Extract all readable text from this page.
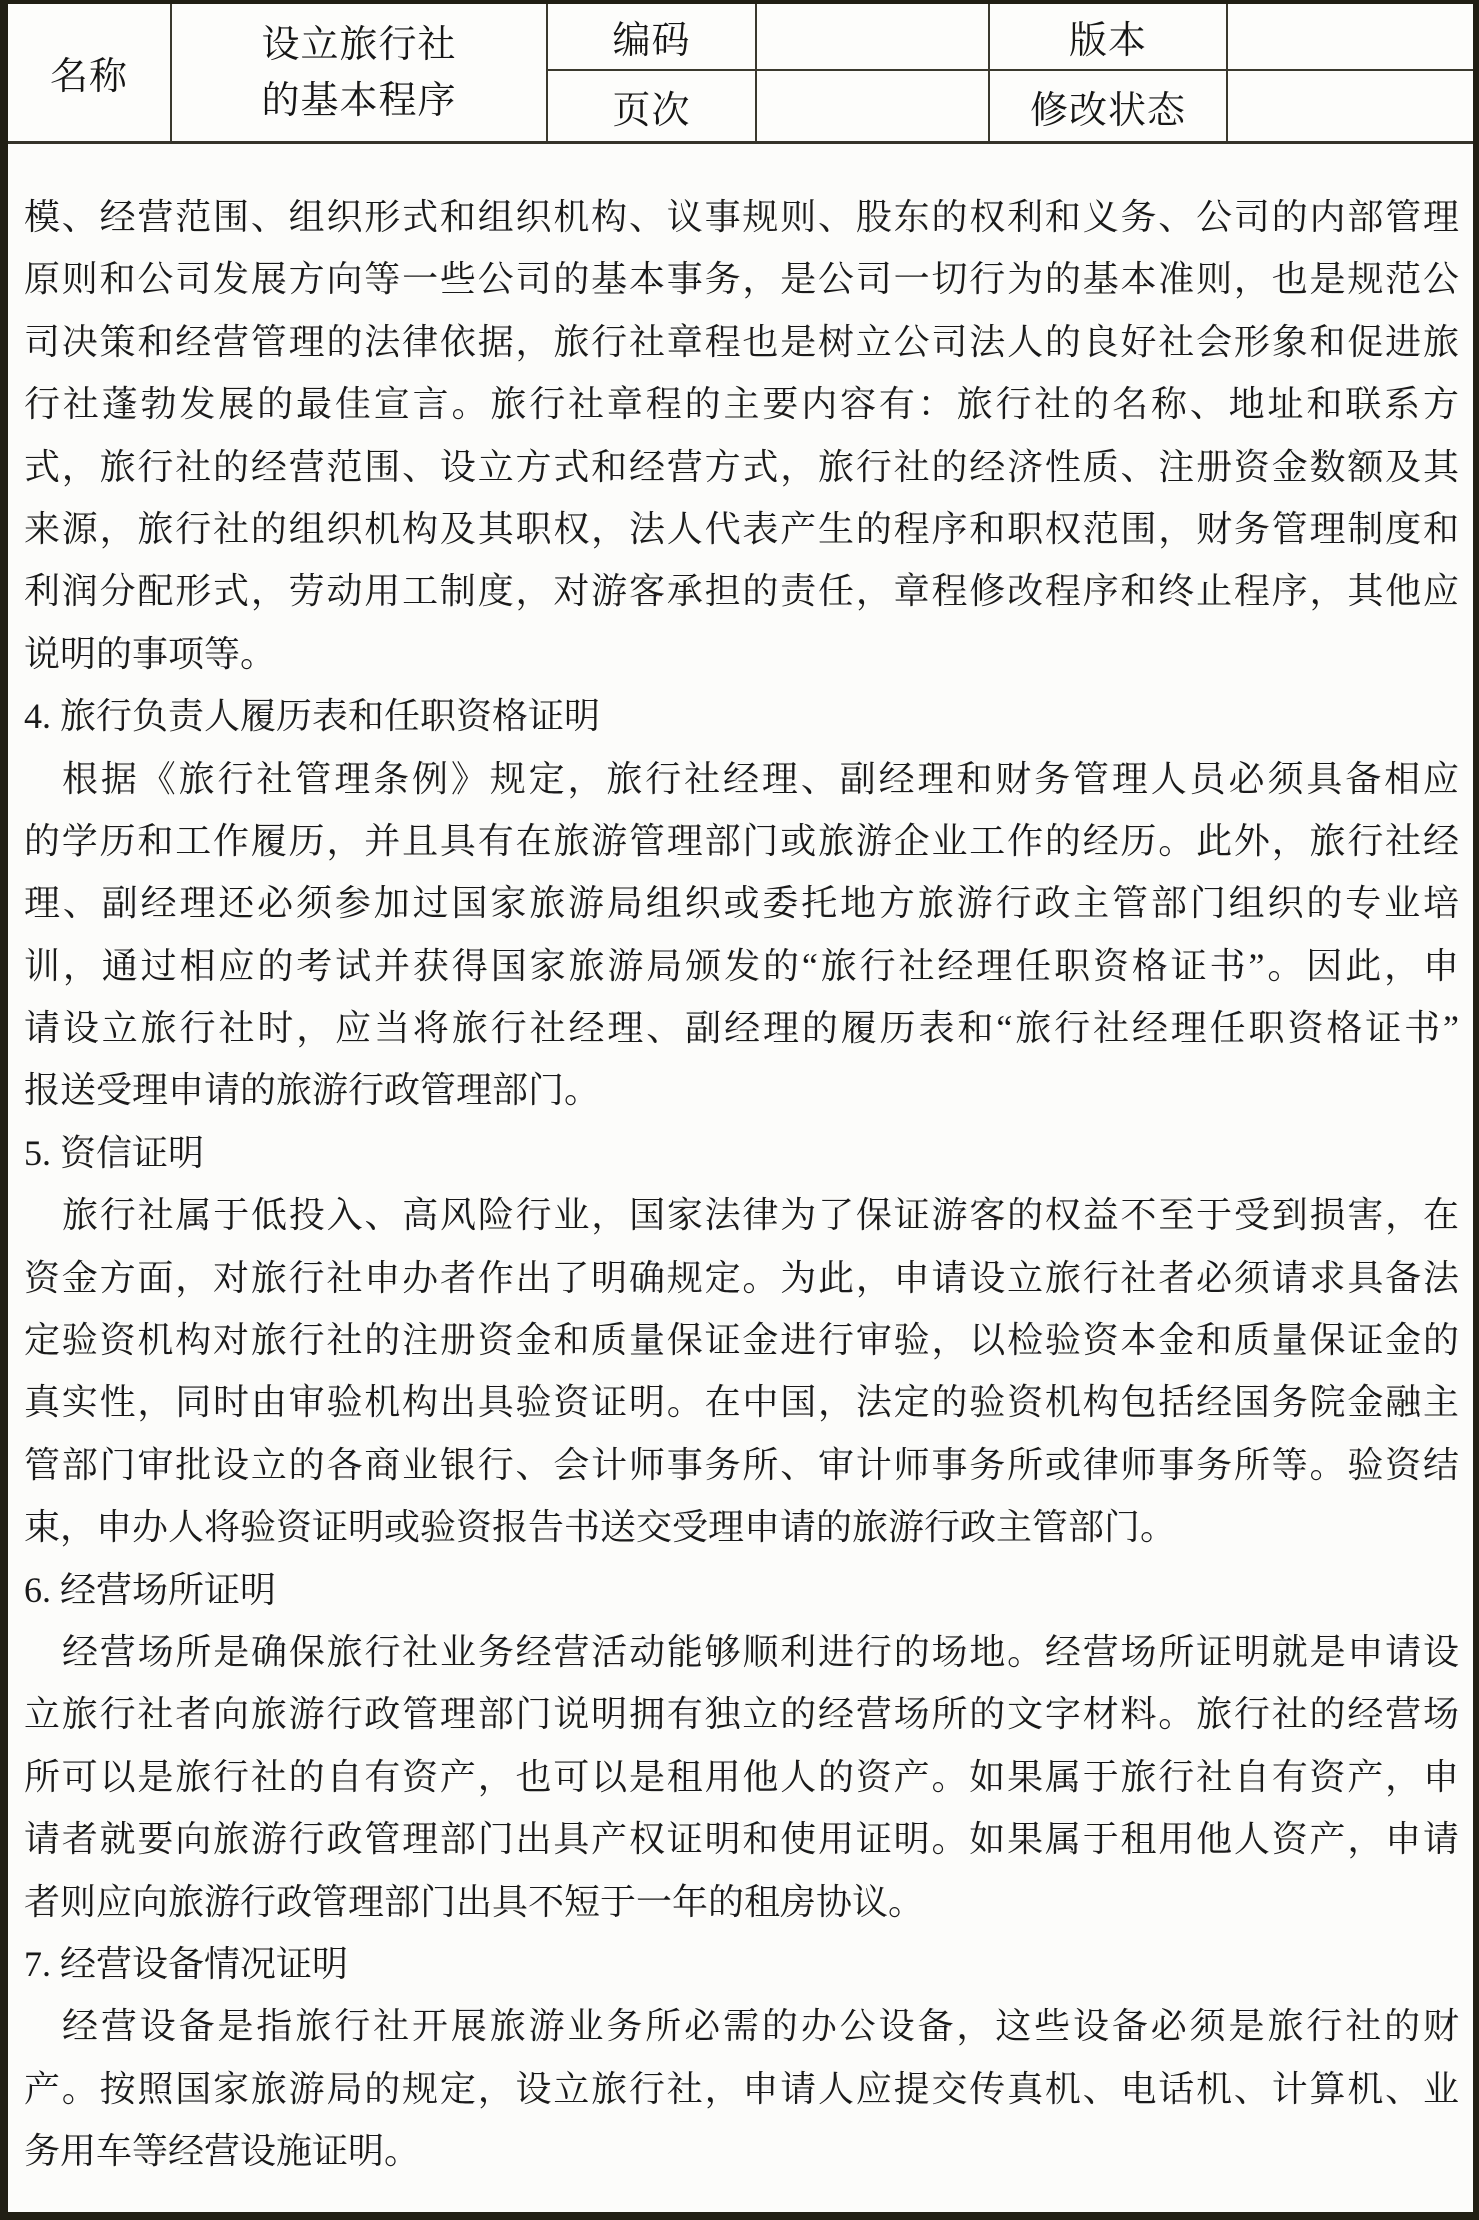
名称
设立旅行社
的基本程序
编码	版本
页次	修改状态
模、经营范围、组织形式和组织机构、议事规则、股东的权利和义务、公司的内部管理
原则和公司发展方向等一些公司的基本事务，是公司一切行为的基本准则，也是规范公
司决策和经营管理的法律依据，旅行社章程也是树立公司法人的良好社会形象和促进旅
行社蓬勃发展的最佳宣言。旅行社章程的主要内容有：旅行社的名称、地址和联系方
式，旅行社的经营范围、设立方式和经营方式，旅行社的经济性质、注册资金数额及其
来源，旅行社的组织机构及其职权，法人代表产生的程序和职权范围，财务管理制度和
利润分配形式，劳动用工制度，对游客承担的责任，章程修改程序和终止程序，其他应
说明的事项等。
4. 旅行负责人履历表和任职资格证明
根据《旅行社管理条例》规定，旅行社经理、副经理和财务管理人员必须具备相应
的学历和工作履历，并且具有在旅游管理部门或旅游企业工作的经历。此外，旅行社经
理、副经理还必须参加过国家旅游局组织或委托地方旅游行政主管部门组织的专业培
训，通过相应的考试并获得国家旅游局颁发的“旅行社经理任职资格证书”。因此，申
请设立旅行社时，应当将旅行社经理、副经理的履历表和“旅行社经理任职资格证书”
报送受理申请的旅游行政管理部门。
5. 资信证明
旅行社属于低投入、高风险行业，国家法律为了保证游客的权益不至于受到损害，在
资金方面，对旅行社申办者作出了明确规定。为此，申请设立旅行社者必须请求具备法
定验资机构对旅行社的注册资金和质量保证金进行审验，以检验资本金和质量保证金的
真实性，同时由审验机构出具验资证明。在中国，法定的验资机构包括经国务院金融主
管部门审批设立的各商业银行、会计师事务所、审计师事务所或律师事务所等。验资结
束，申办人将验资证明或验资报告书送交受理申请的旅游行政主管部门。
6. 经营场所证明
经营场所是确保旅行社业务经营活动能够顺利进行的场地。经营场所证明就是申请设
立旅行社者向旅游行政管理部门说明拥有独立的经营场所的文字材料。旅行社的经营场
所可以是旅行社的自有资产，也可以是租用他人的资产。如果属于旅行社自有资产，申
请者就要向旅游行政管理部门出具产权证明和使用证明。如果属于租用他人资产，申请
者则应向旅游行政管理部门出具不短于一年的租房协议。
7. 经营设备情况证明
经营设备是指旅行社开展旅游业务所必需的办公设备，这些设备必须是旅行社的财
产。按照国家旅游局的规定，设立旅行社，申请人应提交传真机、电话机、计算机、业
务用车等经营设施证明。
